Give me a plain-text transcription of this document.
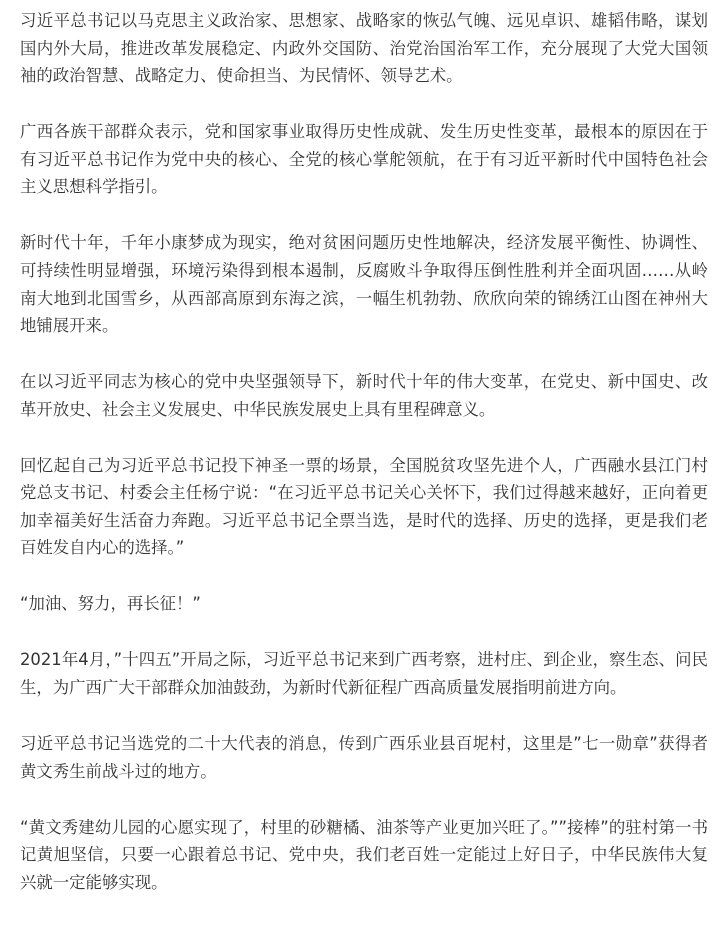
习近平总书记以马克思主义政治家、思想家、战略家的恢弘气魄、远见卓识、雄韬伟略，谋划国内外大局，推进改革发展稳定、内政外交国防、治党治国治军工作，充分展现了大党大国领袖的政治智慧、战略定力、使命担当、为民情怀、领导艺术。

广西各族干部群众表示，党和国家事业取得历史性成就、发生历史性变革，最根本的原因在于有习近平总书记作为党中央的核心、全党的核心掌舵领航，在于有习近平新时代中国特色社会主义思想科学指引。

新时代十年，千年小康梦成为现实，绝对贫困问题历史性地解决，经济发展平衡性、协调性、可持续性明显增强，环境污染得到根本遏制，反腐败斗争取得压倒性胜利并全面巩固……从岭南大地到北国雪乡，从西部高原到东海之滨，一幅生机勃勃、欣欣向荣的锦绣江山图在神州大地铺展开来。

在以习近平同志为核心的党中央坚强领导下，新时代十年的伟大变革，在党史、新中国史、改革开放史、社会主义发展史、中华民族发展史上具有里程碑意义。

回忆起自己为习近平总书记投下神圣一票的场景，全国脱贫攻坚先进个人，广西融水县江门村党总支书记、村委会主任杨宁说：“在习近平总书记关心关怀下，我们过得越来越好，正向着更加幸福美好生活奋力奔跑。习近平总书记全票当选，是时代的选择、历史的选择，更是我们老百姓发自内心的选择。”

“加油、努力，再长征！”

2021年4月，”十四五”开局之际，习近平总书记来到广西考察，进村庄、到企业，察生态、问民生，为广西广大干部群众加油鼓劲，为新时代新征程广西高质量发展指明前进方向。

习近平总书记当选党的二十大代表的消息，传到广西乐业县百坭村，这里是”七一勋章”获得者黄文秀生前战斗过的地方。

“黄文秀建幼儿园的心愿实现了，村里的砂糖橘、油茶等产业更加兴旺了。””接棒”的驻村第一书记黄旭坚信，只要一心跟着总书记、党中央，我们老百姓一定能过上好日子，中华民族伟大复兴就一定能够实现。
